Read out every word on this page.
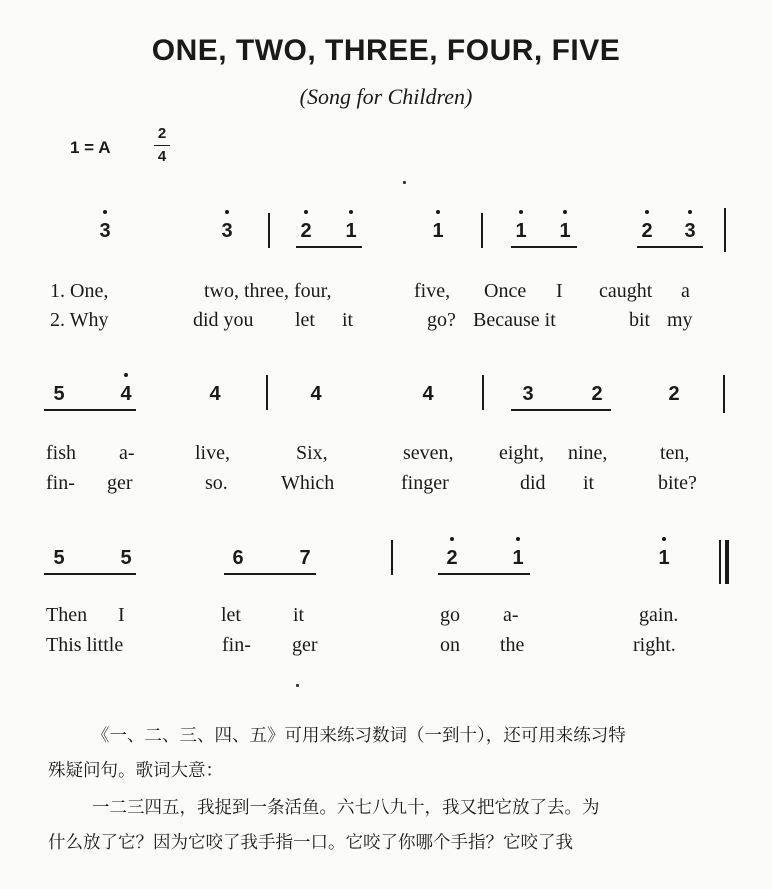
ONE, TWO, THREE, FOUR, FIVE
(Song for Children)
1 = A
2
4
3	3	2 1	1	1 1	2 3
1. One,	two, three, four,	five, Once I caught a
2. Why	did you let it	go? Because it	bit my
5	4	4	4	4	3	2	2
fish a-	live,	Six,	seven, eight, nine,	ten,
fin- ger	so.	Which	finger	did it	bite?
5	5	6	7	2	1	1
Then I	let	it	go a-	gain.
This little	fin- ger	on the	right.
《一、二、三、四、五》可用来练习数词（一到十），还可用来练习特
殊疑问句。歌词大意：
一二三四五，我捉到一条活鱼。六七八九十，我又把它放了去。为
什么放了它？因为它咬了我手指一口。它咬了你哪个手指？它咬了我
